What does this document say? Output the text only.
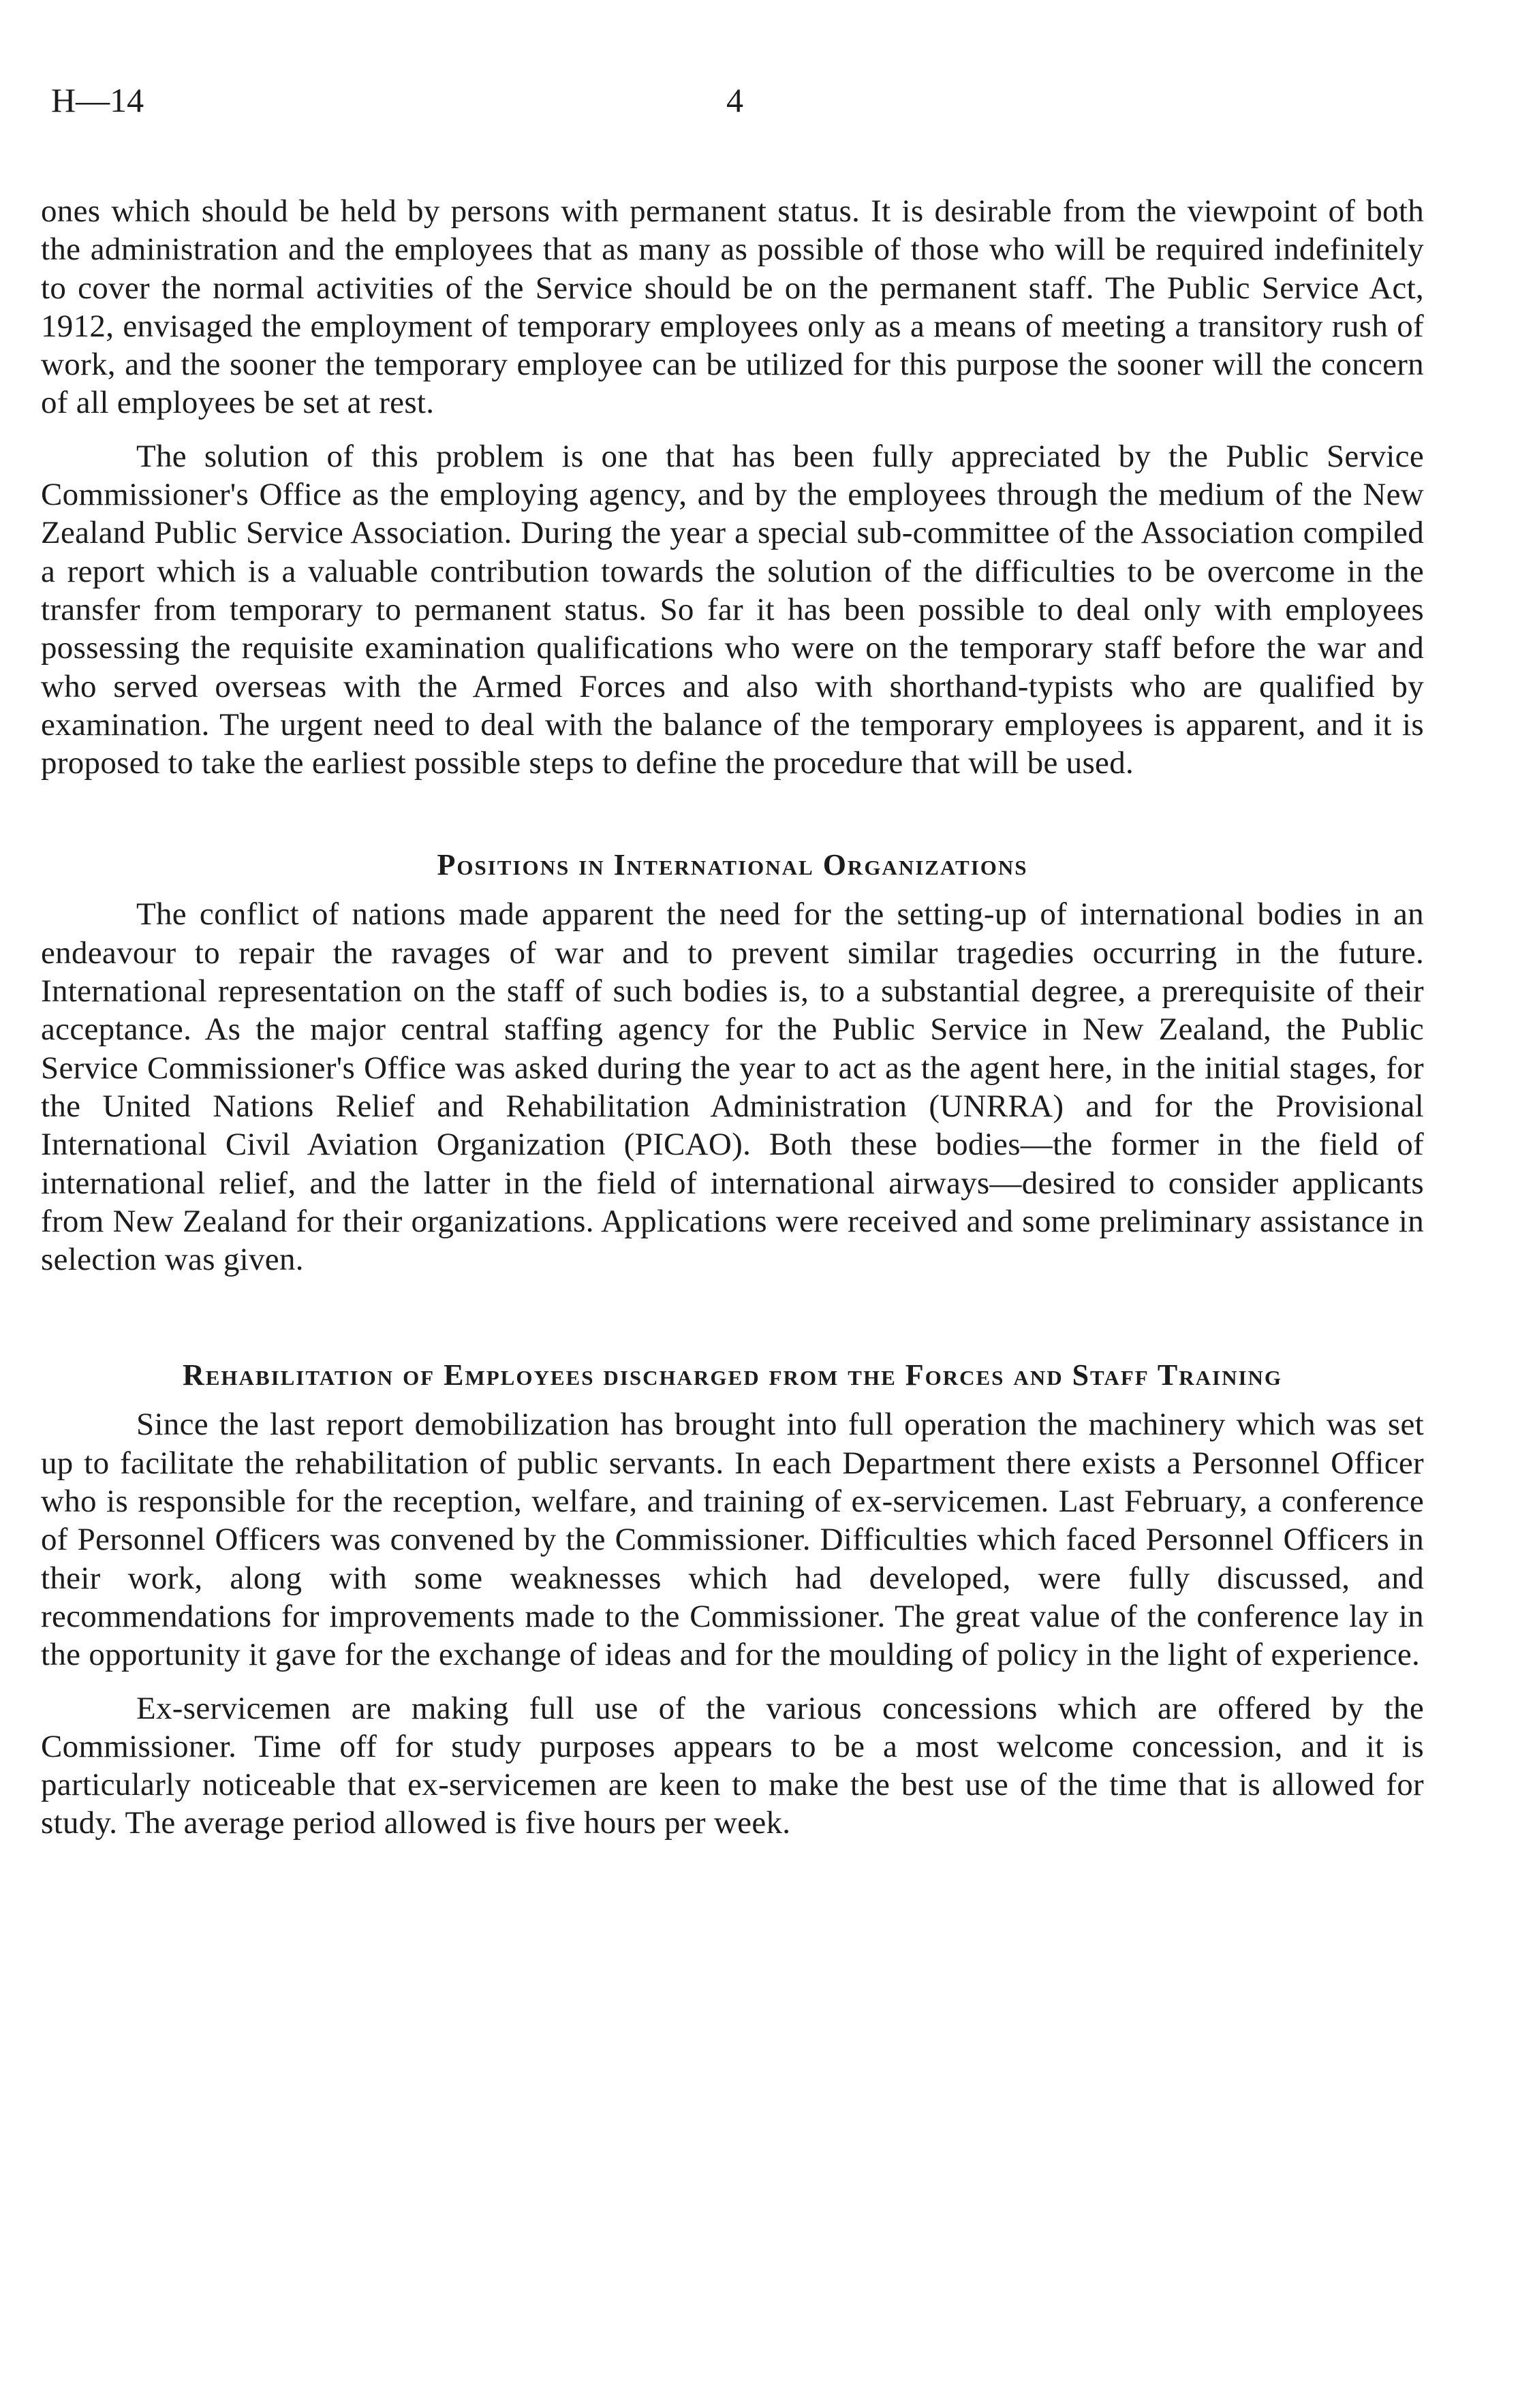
H—14	4

ones which should be held by persons with permanent status. It is desirable from the viewpoint of both the administration and the employees that as many as possible of those who will be required indefinitely to cover the normal activities of the Service should be on the permanent staff. The Public Service Act, 1912, envisaged the employment of temporary employees only as a means of meeting a transitory rush of work, and the sooner the temporary employee can be utilized for this purpose the sooner will the concern of all employees be set at rest.

The solution of this problem is one that has been fully appreciated by the Public Service Commissioner's Office as the employing agency, and by the employees through the medium of the New Zealand Public Service Association. During the year a special sub-committee of the Association compiled a report which is a valuable contribution towards the solution of the difficulties to be overcome in the transfer from temporary to permanent status. So far it has been possible to deal only with employees possessing the requisite examination qualifications who were on the temporary staff before the war and who served overseas with the Armed Forces and also with shorthand-typists who are qualified by examination. The urgent need to deal with the balance of the temporary employees is apparent, and it is proposed to take the earliest possible steps to define the procedure that will be used.

Positions in International Organizations

The conflict of nations made apparent the need for the setting-up of international bodies in an endeavour to repair the ravages of war and to prevent similar tragedies occurring in the future. International representation on the staff of such bodies is, to a substantial degree, a prerequisite of their acceptance. As the major central staffing agency for the Public Service in New Zealand, the Public Service Commissioner's Office was asked during the year to act as the agent here, in the initial stages, for the United Nations Relief and Rehabilitation Administration (UNRRA) and for the Provisional International Civil Aviation Organization (PICAO). Both these bodies—the former in the field of international relief, and the latter in the field of international airways—desired to consider applicants from New Zealand for their organizations. Applications were received and some preliminary assistance in selection was given.

Rehabilitation of Employees discharged from the Forces and Staff Training

Since the last report demobilization has brought into full operation the machinery which was set up to facilitate the rehabilitation of public servants. In each Department there exists a Personnel Officer who is responsible for the reception, welfare, and training of ex-servicemen. Last February, a conference of Personnel Officers was convened by the Commissioner. Difficulties which faced Personnel Officers in their work, along with some weaknesses which had developed, were fully discussed, and recommendations for improvements made to the Commissioner. The great value of the conference lay in the opportunity it gave for the exchange of ideas and for the moulding of policy in the light of experience.

Ex-servicemen are making full use of the various concessions which are offered by the Commissioner. Time off for study purposes appears to be a most welcome concession, and it is particularly noticeable that ex-servicemen are keen to make the best use of the time that is allowed for study. The average period allowed is five hours per week.
